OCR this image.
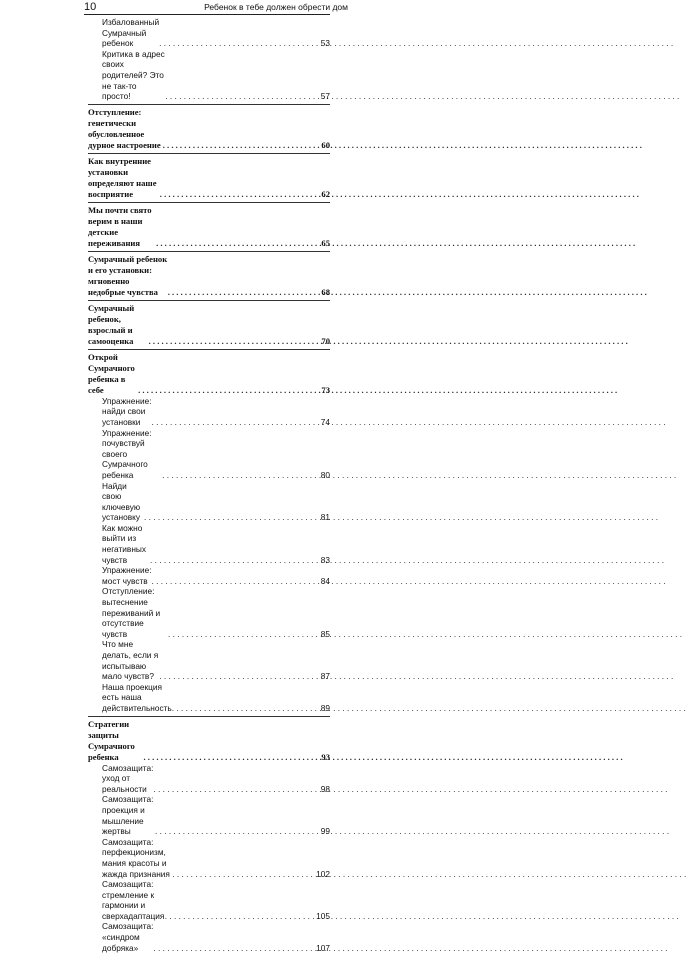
10	Ребенок в тебе должен обрести дом
Избалованный Сумрачный ребенок . . .	53
Критика в адрес своих родителей? Это не так-то просто! . . .	57
Отступление: генетически обусловленное дурное настроение . . .	60
Как внутренние установки определяют наше восприятие . . .	62
Мы почти свято верим в наши детские переживания . . .	65
Сумрачный ребенок и его установки: мгновенно недобрые чувства . . .	68
Сумрачный ребенок, взрослый и самооценка . . .	70
Открой Сумрачного ребенка в себе . . .	73
Упражнение: найди свои установки . . .	74
Упражнение: почувствуй своего Сумрачного ребенка . . .	80
Найди свою ключевую установку . . .	81
Как можно выйти из негативных чувств . . .	83
Упражнение: мост чувств . . .	84
Отступление: вытеснение переживаний и отсутствие чувств . . .	85
Что мне делать, если я испытываю мало чувств? . . .	87
Наша проекция есть наша действительность . . .	89
Стратегии защиты Сумрачного ребенка . . .	93
Самозащита: уход от реальности . . .	98
Самозащита: проекция и мышление жертвы . . .	99
Самозащита: перфекционизм, мания красоты и жажда признания . . .	102
Самозащита: стремление к гармонии и сверхадаптация . . .	105
Самозащита: «синдром добряка» . . .	107
